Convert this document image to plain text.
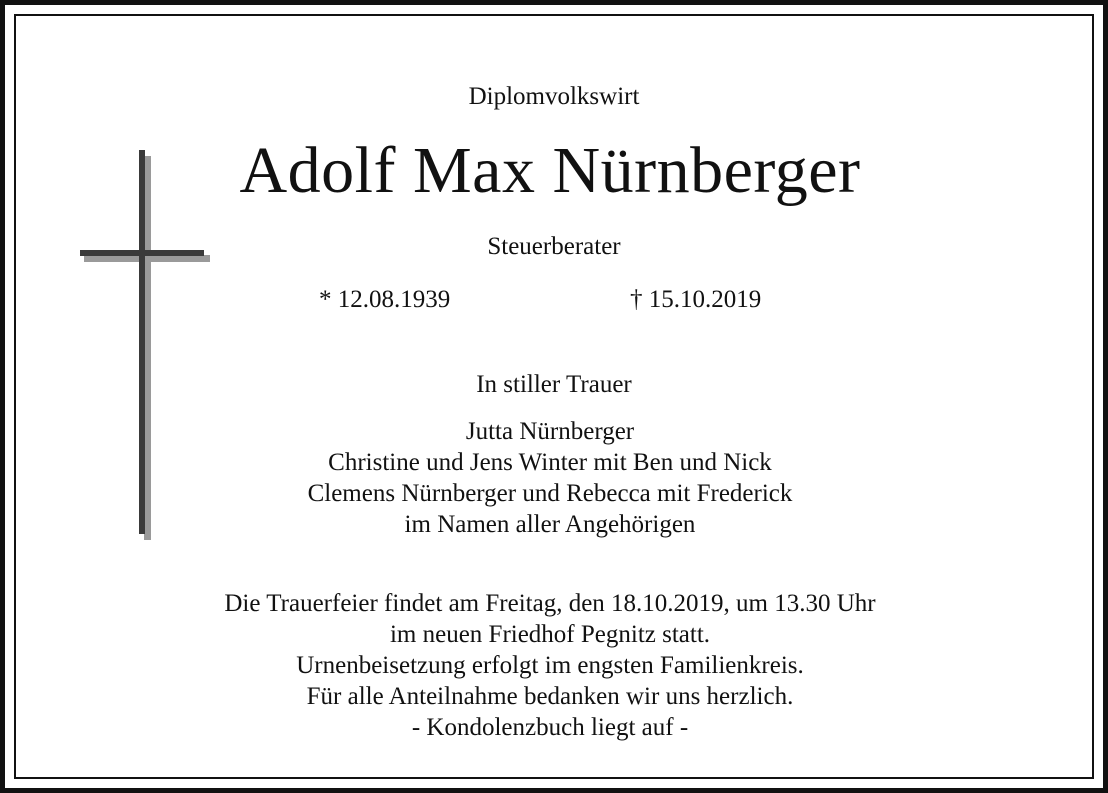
Diplomvolkswirt
Adolf Max Nürnberger
Steuerberater
* 12.08.1939	† 15.10.2019
In stiller Trauer
Jutta Nürnberger
Christine und Jens Winter mit Ben und Nick
Clemens Nürnberger und Rebecca mit Frederick
im Namen aller Angehörigen
Die Trauerfeier findet am Freitag, den 18.10.2019, um 13.30 Uhr
im neuen Friedhof Pegnitz statt.
Urnenbeisetzung erfolgt im engsten Familienkreis.
Für alle Anteilnahme bedanken wir uns herzlich.
- Kondolenzbuch liegt auf -
